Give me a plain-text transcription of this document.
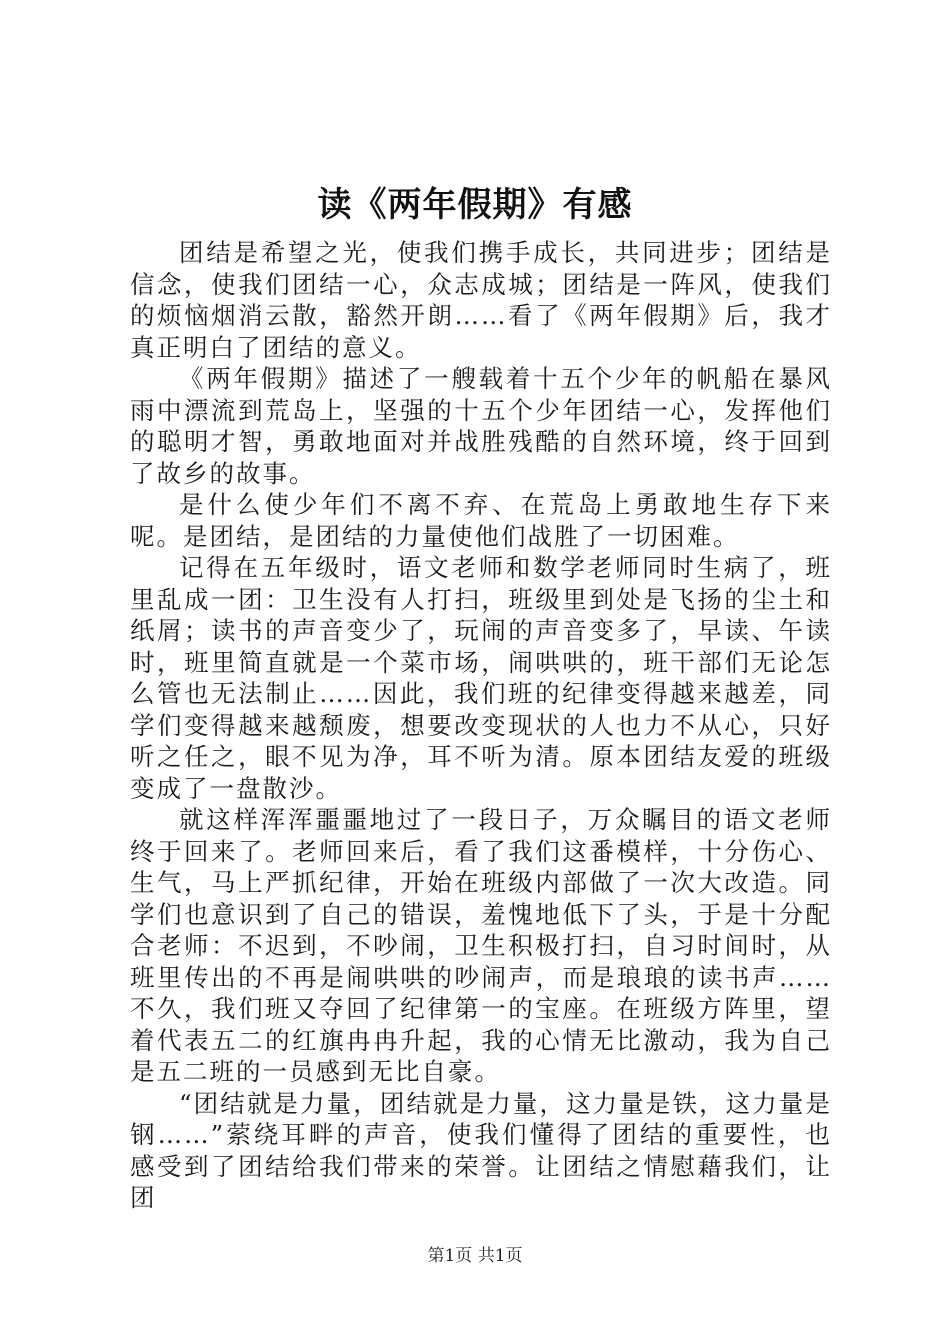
读《两年假期》有感

团结是希望之光，使我们携手成长，共同进步；团结是信念，使我们团结一心，众志成城；团结是一阵风，使我们的烦恼烟消云散，豁然开朗……看了《两年假期》后，我才真正明白了团结的意义。

《两年假期》描述了一艘载着十五个少年的帆船在暴风雨中漂流到荒岛上，坚强的十五个少年团结一心，发挥他们的聪明才智，勇敢地面对并战胜残酷的自然环境，终于回到了故乡的故事。

是什么使少年们不离不弃、在荒岛上勇敢地生存下来呢。是团结，是团结的力量使他们战胜了一切困难。

记得在五年级时，语文老师和数学老师同时生病了，班里乱成一团：卫生没有人打扫，班级里到处是飞扬的尘土和纸屑；读书的声音变少了，玩闹的声音变多了，早读、午读时，班里简直就是一个菜市场，闹哄哄的，班干部们无论怎么管也无法制止……因此，我们班的纪律变得越来越差，同学们变得越来越颓废，想要改变现状的人也力不从心，只好听之任之，眼不见为净，耳不听为清。原本团结友爱的班级变成了一盘散沙。

就这样浑浑噩噩地过了一段日子，万众瞩目的语文老师终于回来了。老师回来后，看了我们这番模样，十分伤心、生气，马上严抓纪律，开始在班级内部做了一次大改造。同学们也意识到了自己的错误，羞愧地低下了头，于是十分配合老师：不迟到，不吵闹，卫生积极打扫，自习时间时，从班里传出的不再是闹哄哄的吵闹声，而是琅琅的读书声……不久，我们班又夺回了纪律第一的宝座。在班级方阵里，望着代表五二的红旗冉冉升起，我的心情无比激动，我为自己是五二班的一员感到无比自豪。

“团结就是力量，团结就是力量，这力量是铁，这力量是钢……”萦绕耳畔的声音，使我们懂得了团结的重要性，也感受到了团结给我们带来的荣誉。让团结之情慰藉我们，让团

第1页 共1页
